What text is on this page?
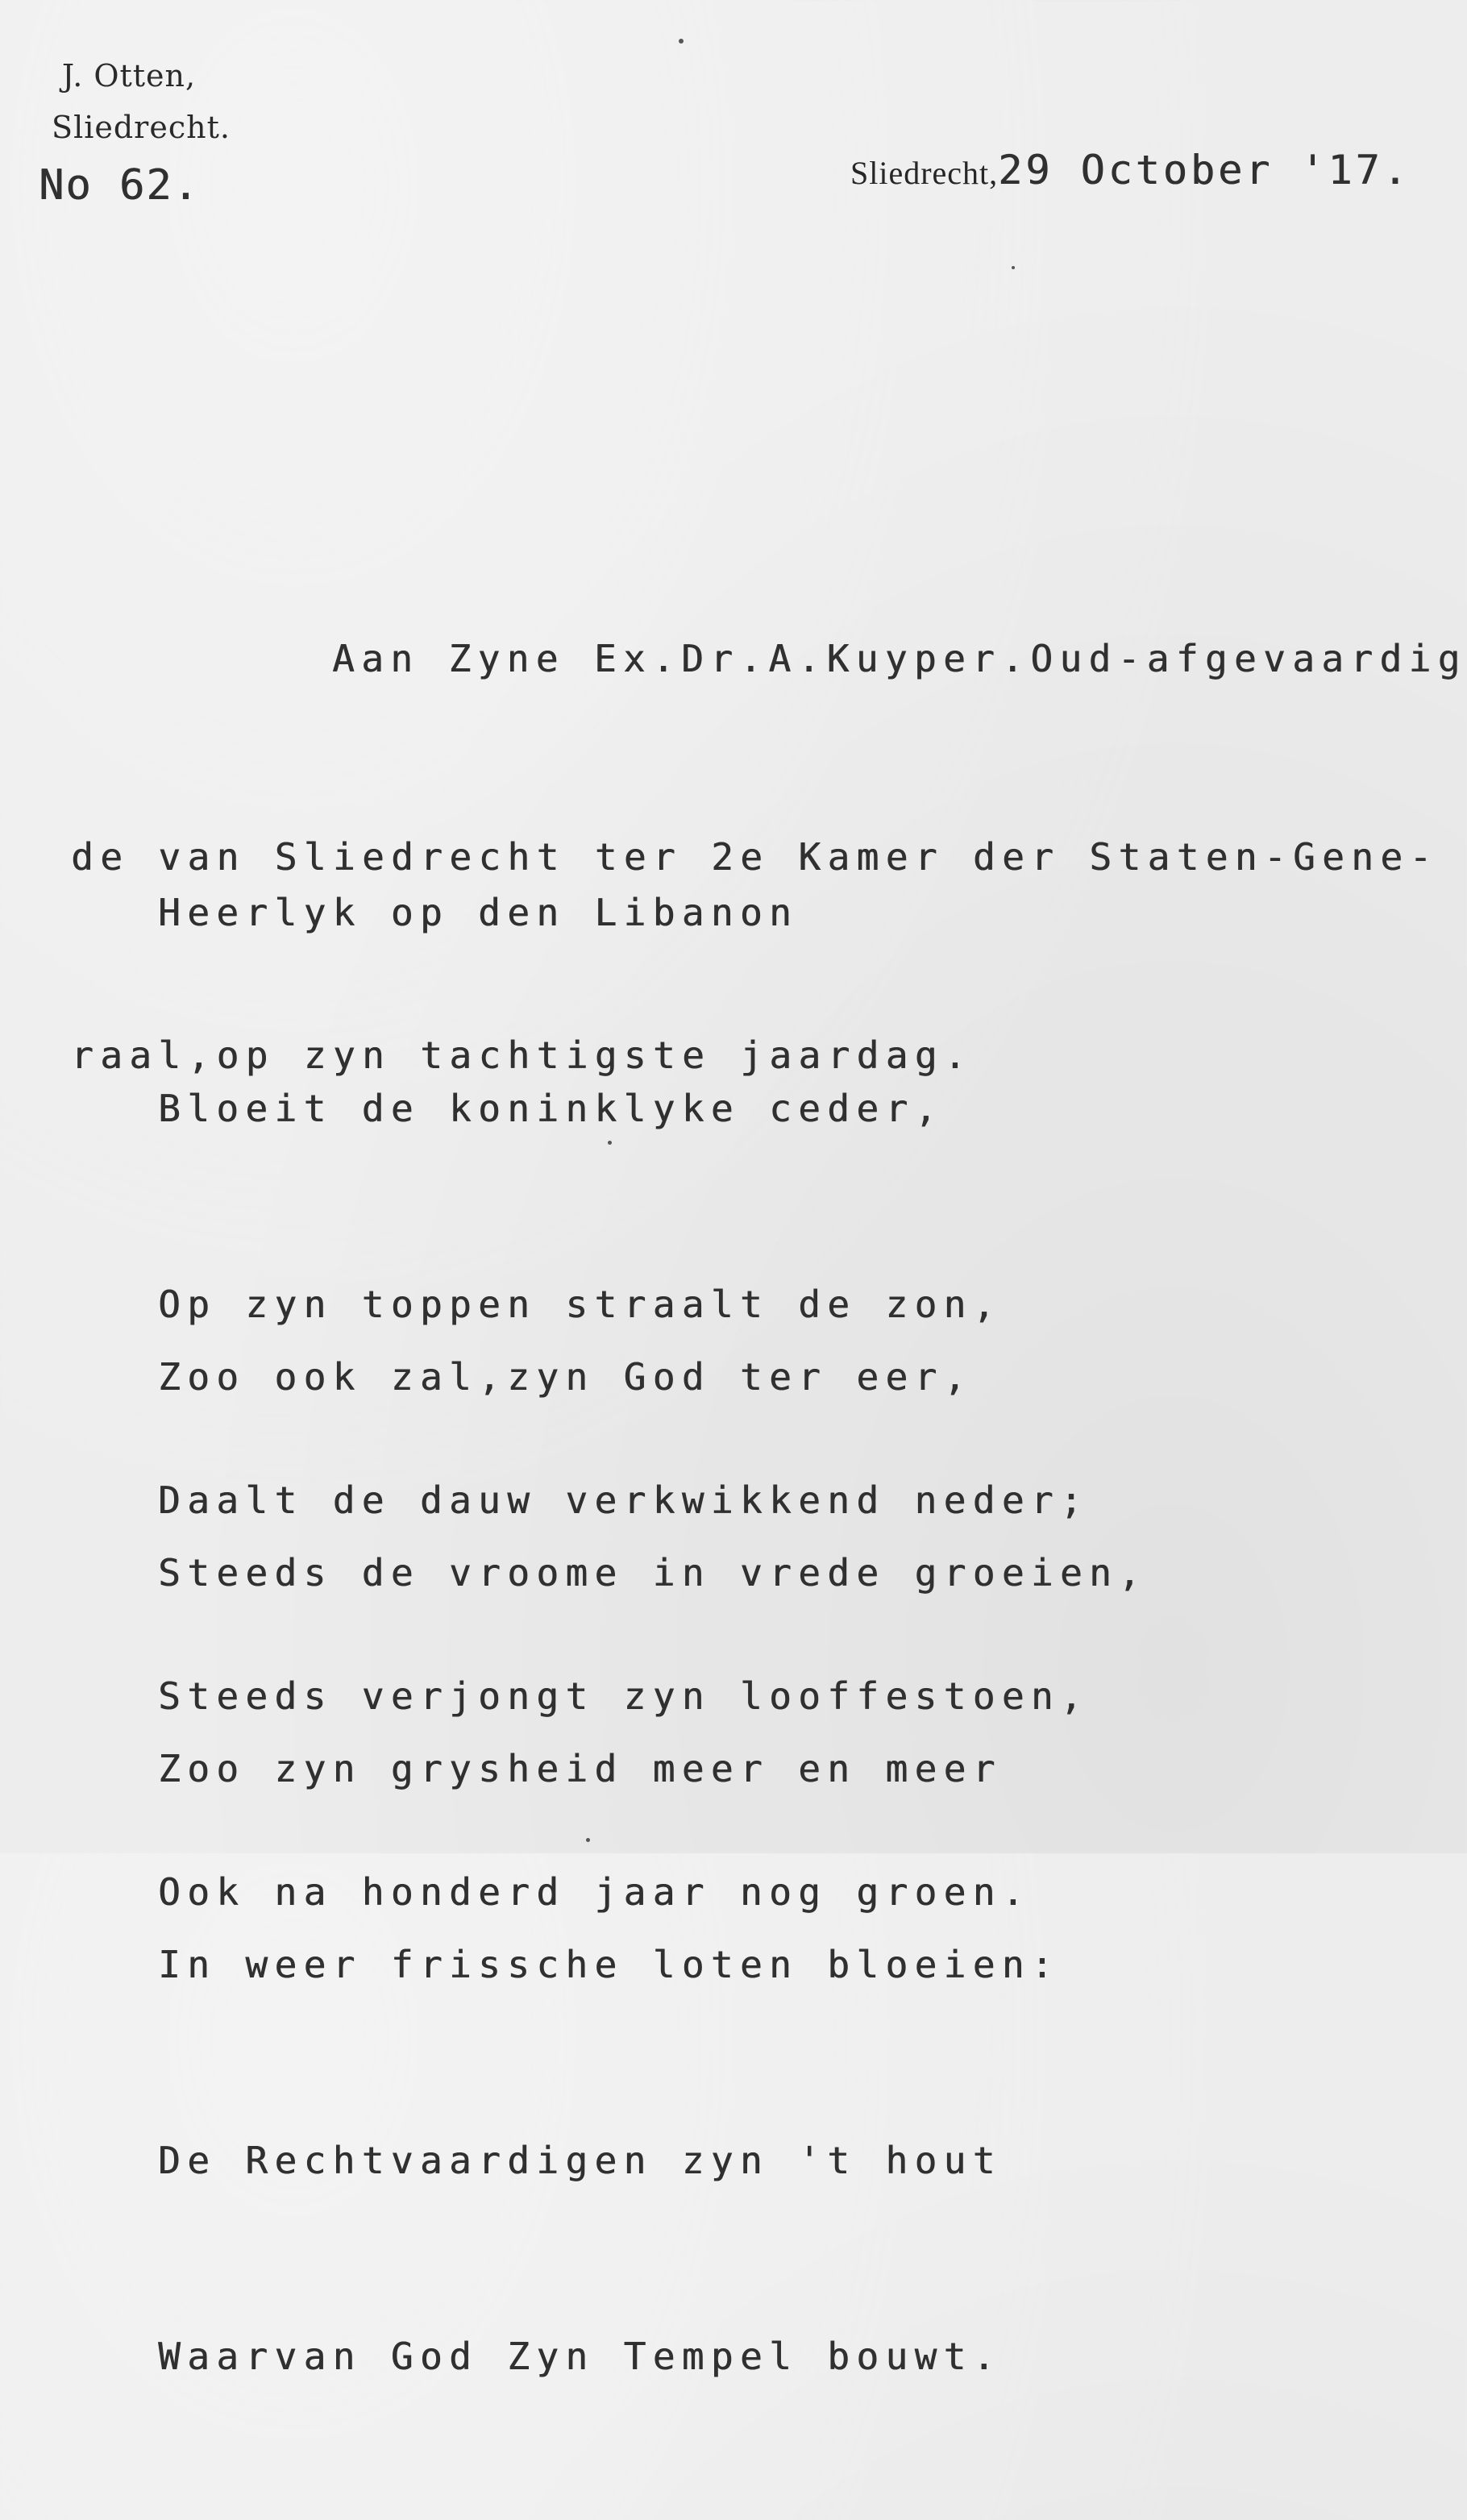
J. Otten,
Sliedrecht.
No 62.	Sliedrecht,29 October '17.

Aan Zyne Ex.Dr.A.Kuyper.Oud-afgevaardig

de van Sliedrecht ter 2e Kamer der Staten-Gene-

raal,op zyn tachtigste jaardag.

Heerlyk op den Libanon

Bloeit de koninklyke ceder,

Op zyn toppen straalt de zon,

Daalt de dauw verkwikkend neder;

Steeds verjongt zyn looffestoen,

Ook na honderd jaar nog groen.

Zoo ook zal,zyn God ter eer,

Steeds de vroome in vrede groeien,

Zoo zyn grysheid meer en meer

In weer frissche loten bloeien:

De Rechtvaardigen zyn 't hout

Waarvan God Zyn Tempel bouwt.
